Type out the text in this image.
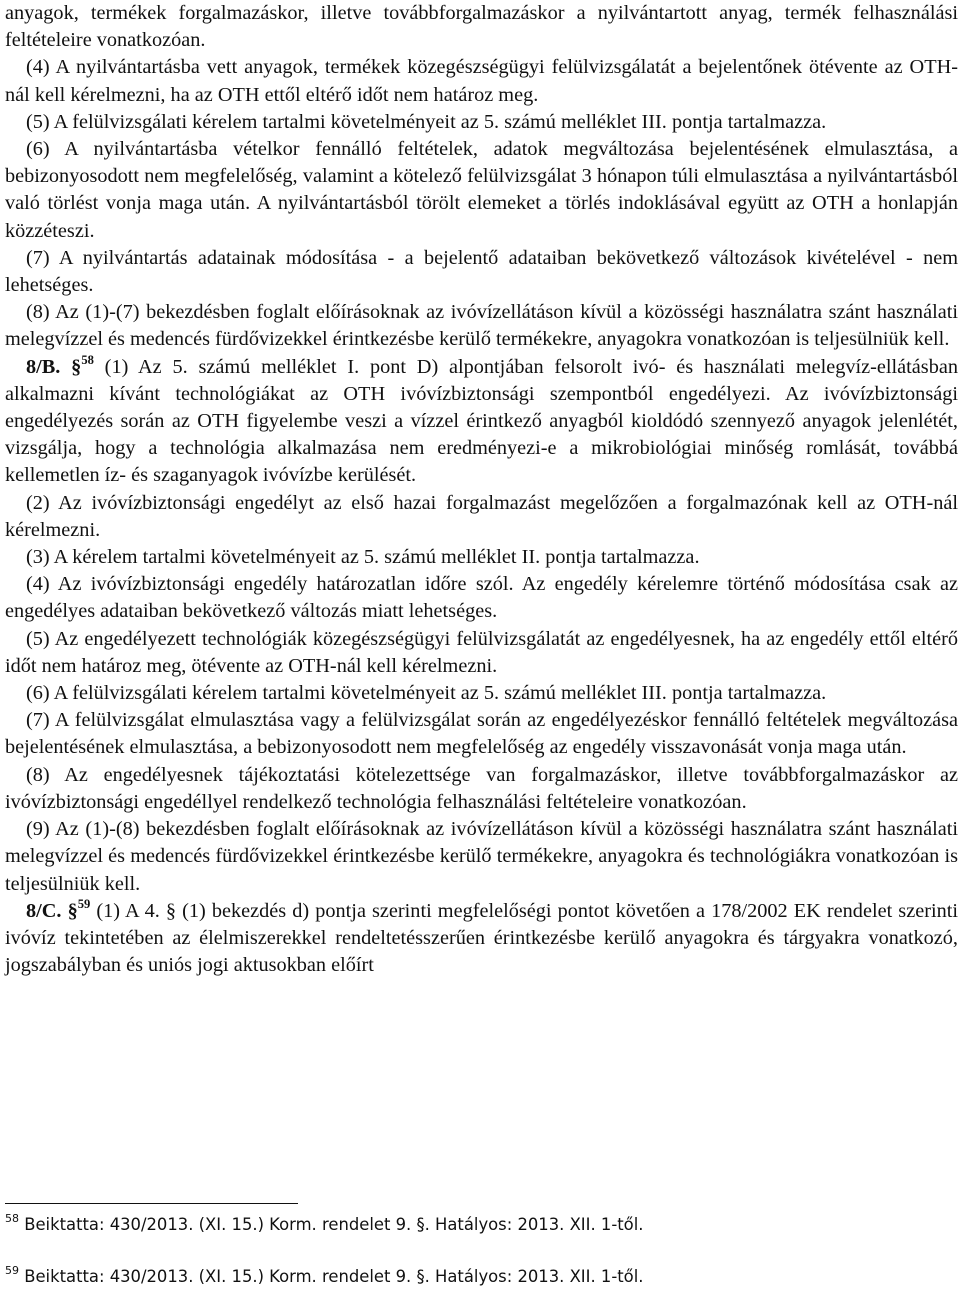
anyagok, termékek forgalmazáskor, illetve továbbforgalmazáskor a nyilvántartott anyag, termék felhasználási feltételeire vonatkozóan.

(4) A nyilvántartásba vett anyagok, termékek közegészségügyi felülvizsgálatát a bejelentőnek ötévente az OTH-nál kell kérelmezni, ha az OTH ettől eltérő időt nem határoz meg.

(5) A felülvizsgálati kérelem tartalmi követelményeit az 5. számú melléklet III. pontja tartalmazza.

(6) A nyilvántartásba vételkor fennálló feltételek, adatok megváltozása bejelentésének elmulasztása, a bebizonyosodott nem megfelelőség, valamint a kötelező felülvizsgálat 3 hónapon túli elmulasztása a nyilvántartásból való törlést vonja maga után. A nyilvántartásból törölt elemeket a törlés indoklásával együtt az OTH a honlapján közzéteszi.

(7) A nyilvántartás adatainak módosítása - a bejelentő adataiban bekövetkező változások kivételével - nem lehetséges.

(8) Az (1)-(7) bekezdésben foglalt előírásoknak az ivóvízellátáson kívül a közösségi használatra szánt használati melegvízzel és medencés fürdővizekkel érintkezésbe kerülő termékekre, anyagokra vonatkozóan is teljesülniük kell.

8/B. §$^{58}$ (1) Az 5. számú melléklet I. pont D) alpontjában felsorolt ivó- és használati melegvíz-ellátásban alkalmazni kívánt technológiákat az OTH ivóvízbiztonsági szempontból engedélyezi. Az ivóvízbiztonsági engedélyezés során az OTH figyelembe veszi a vízzel érintkező anyagból kioldódó szennyező anyagok jelenlétét, vizsgálja, hogy a technológia alkalmazása nem eredményezi-e a mikrobiológiai minőség romlását, továbbá kellemetlen íz- és szaganyagok ivóvízbe kerülését.

(2) Az ivóvízbiztonsági engedélyt az első hazai forgalmazást megelőzően a forgalmazónak kell az OTH-nál kérelmezni.

(3) A kérelem tartalmi követelményeit az 5. számú melléklet II. pontja tartalmazza.

(4) Az ivóvízbiztonsági engedély határozatlan időre szól. Az engedély kérelemre történő módosítása csak az engedélyes adataiban bekövetkező változás miatt lehetséges.

(5) Az engedélyezett technológiák közegészségügyi felülvizsgálatát az engedélyesnek, ha az engedély ettől eltérő időt nem határoz meg, ötévente az OTH-nál kell kérelmezni.

(6) A felülvizsgálati kérelem tartalmi követelményeit az 5. számú melléklet III. pontja tartalmazza.

(7) A felülvizsgálat elmulasztása vagy a felülvizsgálat során az engedélyezéskor fennálló feltételek megváltozása bejelentésének elmulasztása, a bebizonyosodott nem megfelelőség az engedély visszavonását vonja maga után.

(8) Az engedélyesnek tájékoztatási kötelezettsége van forgalmazáskor, illetve továbbforgalmazáskor az ivóvízbiztonsági engedéllyel rendelkező technológia felhasználási feltételeire vonatkozóan.

(9) Az (1)-(8) bekezdésben foglalt előírásoknak az ivóvízellátáson kívül a közösségi használatra szánt használati melegvízzel és medencés fürdővizekkel érintkezésbe kerülő termékekre, anyagokra és technológiákra vonatkozóan is teljesülniük kell.

8/C. §$^{59}$ (1) A 4. § (1) bekezdés d) pontja szerinti megfelelőségi pontot követően a 178/2002 EK rendelet szerinti ivóvíz tekintetében az élelmiszerekkel rendeltetésszerűen érintkezésbe kerülő anyagokra és tárgyakra vonatkozó, jogszabályban és uniós jogi aktusokban előírt

$^{58}$ Beiktatta: 430/2013. (XI. 15.) Korm. rendelet 9. §. Hatályos: 2013. XII. 1-től.

$^{59}$ Beiktatta: 430/2013. (XI. 15.) Korm. rendelet 9. §. Hatályos: 2013. XII. 1-től.
